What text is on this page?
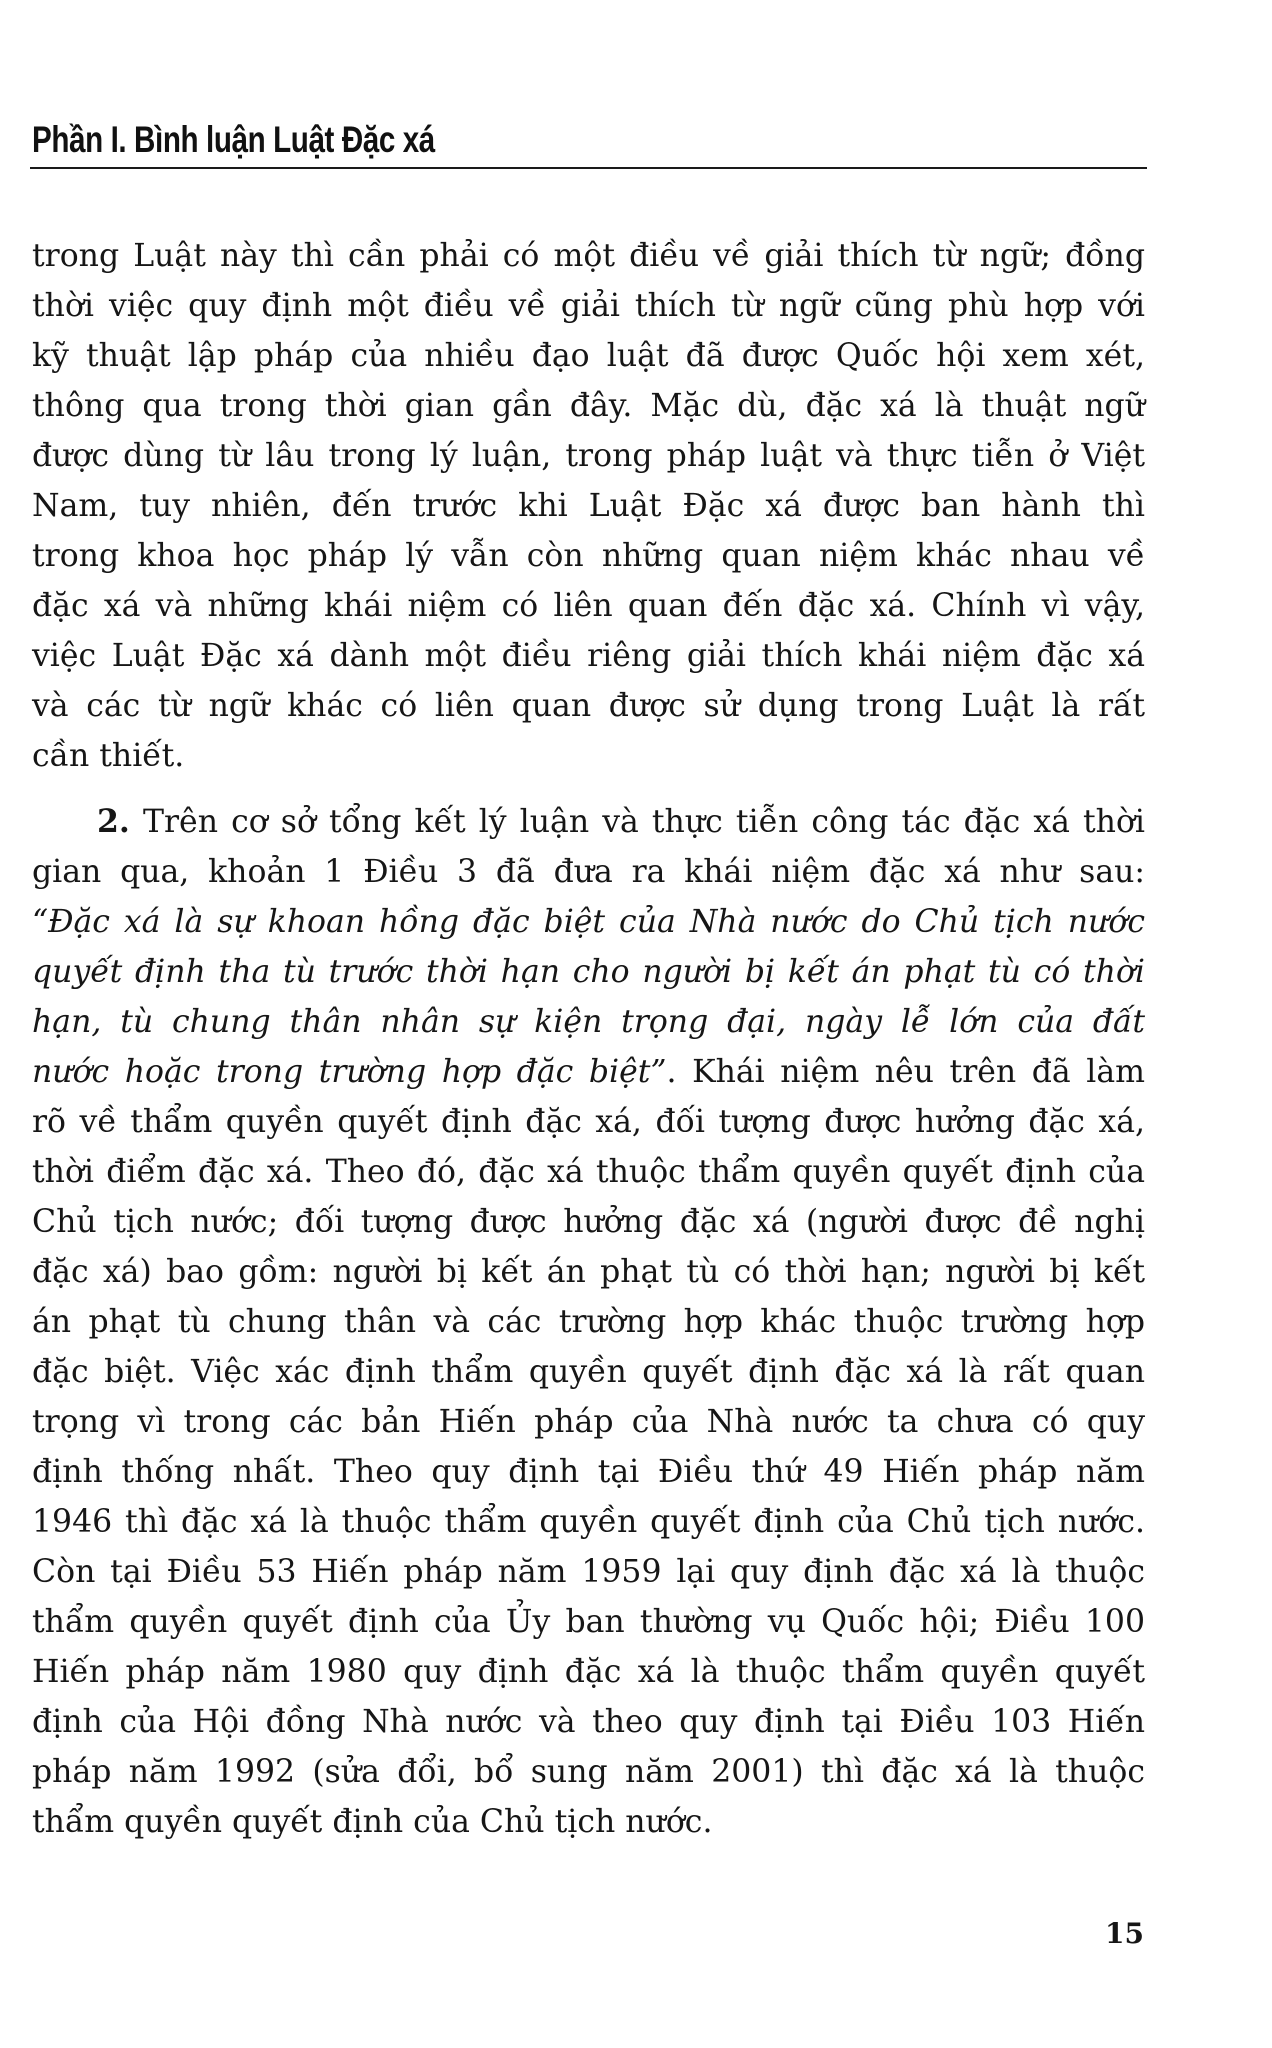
Phần I. Bình luận Luật Đặc xá
trong Luật này thì cần phải có một điều về giải thích từ ngữ; đồng
thời việc quy định một điều về giải thích từ ngữ cũng phù hợp với
kỹ thuật lập pháp của nhiều đạo luật đã được Quốc hội xem xét,
thông qua trong thời gian gần đây. Mặc dù, đặc xá là thuật ngữ
được dùng từ lâu trong lý luận, trong pháp luật và thực tiễn ở Việt
Nam, tuy nhiên, đến trước khi Luật Đặc xá được ban hành thì
trong khoa học pháp lý vẫn còn những quan niệm khác nhau về
đặc xá và những khái niệm có liên quan đến đặc xá. Chính vì vậy,
việc Luật Đặc xá dành một điều riêng giải thích khái niệm đặc xá
và các từ ngữ khác có liên quan được sử dụng trong Luật là rất
cần thiết.
2. Trên cơ sở tổng kết lý luận và thực tiễn công tác đặc xá thời
gian qua, khoản 1 Điều 3 đã đưa ra khái niệm đặc xá như sau:
“Đặc xá là sự khoan hồng đặc biệt của Nhà nước do Chủ tịch nước
quyết định tha tù trước thời hạn cho người bị kết án phạt tù có thời
hạn, tù chung thân nhân sự kiện trọng đại, ngày lễ lớn của đất
nước hoặc trong trường hợp đặc biệt”. Khái niệm nêu trên đã làm
rõ về thẩm quyền quyết định đặc xá, đối tượng được hưởng đặc xá,
thời điểm đặc xá. Theo đó, đặc xá thuộc thẩm quyền quyết định của
Chủ tịch nước; đối tượng được hưởng đặc xá (người được đề nghị
đặc xá) bao gồm: người bị kết án phạt tù có thời hạn; người bị kết
án phạt tù chung thân và các trường hợp khác thuộc trường hợp
đặc biệt. Việc xác định thẩm quyền quyết định đặc xá là rất quan
trọng vì trong các bản Hiến pháp của Nhà nước ta chưa có quy
định thống nhất. Theo quy định tại Điều thứ 49 Hiến pháp năm
1946 thì đặc xá là thuộc thẩm quyền quyết định của Chủ tịch nước.
Còn tại Điều 53 Hiến pháp năm 1959 lại quy định đặc xá là thuộc
thẩm quyền quyết định của Ủy ban thường vụ Quốc hội; Điều 100
Hiến pháp năm 1980 quy định đặc xá là thuộc thẩm quyền quyết
định của Hội đồng Nhà nước và theo quy định tại Điều 103 Hiến
pháp năm 1992 (sửa đổi, bổ sung năm 2001) thì đặc xá là thuộc
thẩm quyền quyết định của Chủ tịch nước.
15
